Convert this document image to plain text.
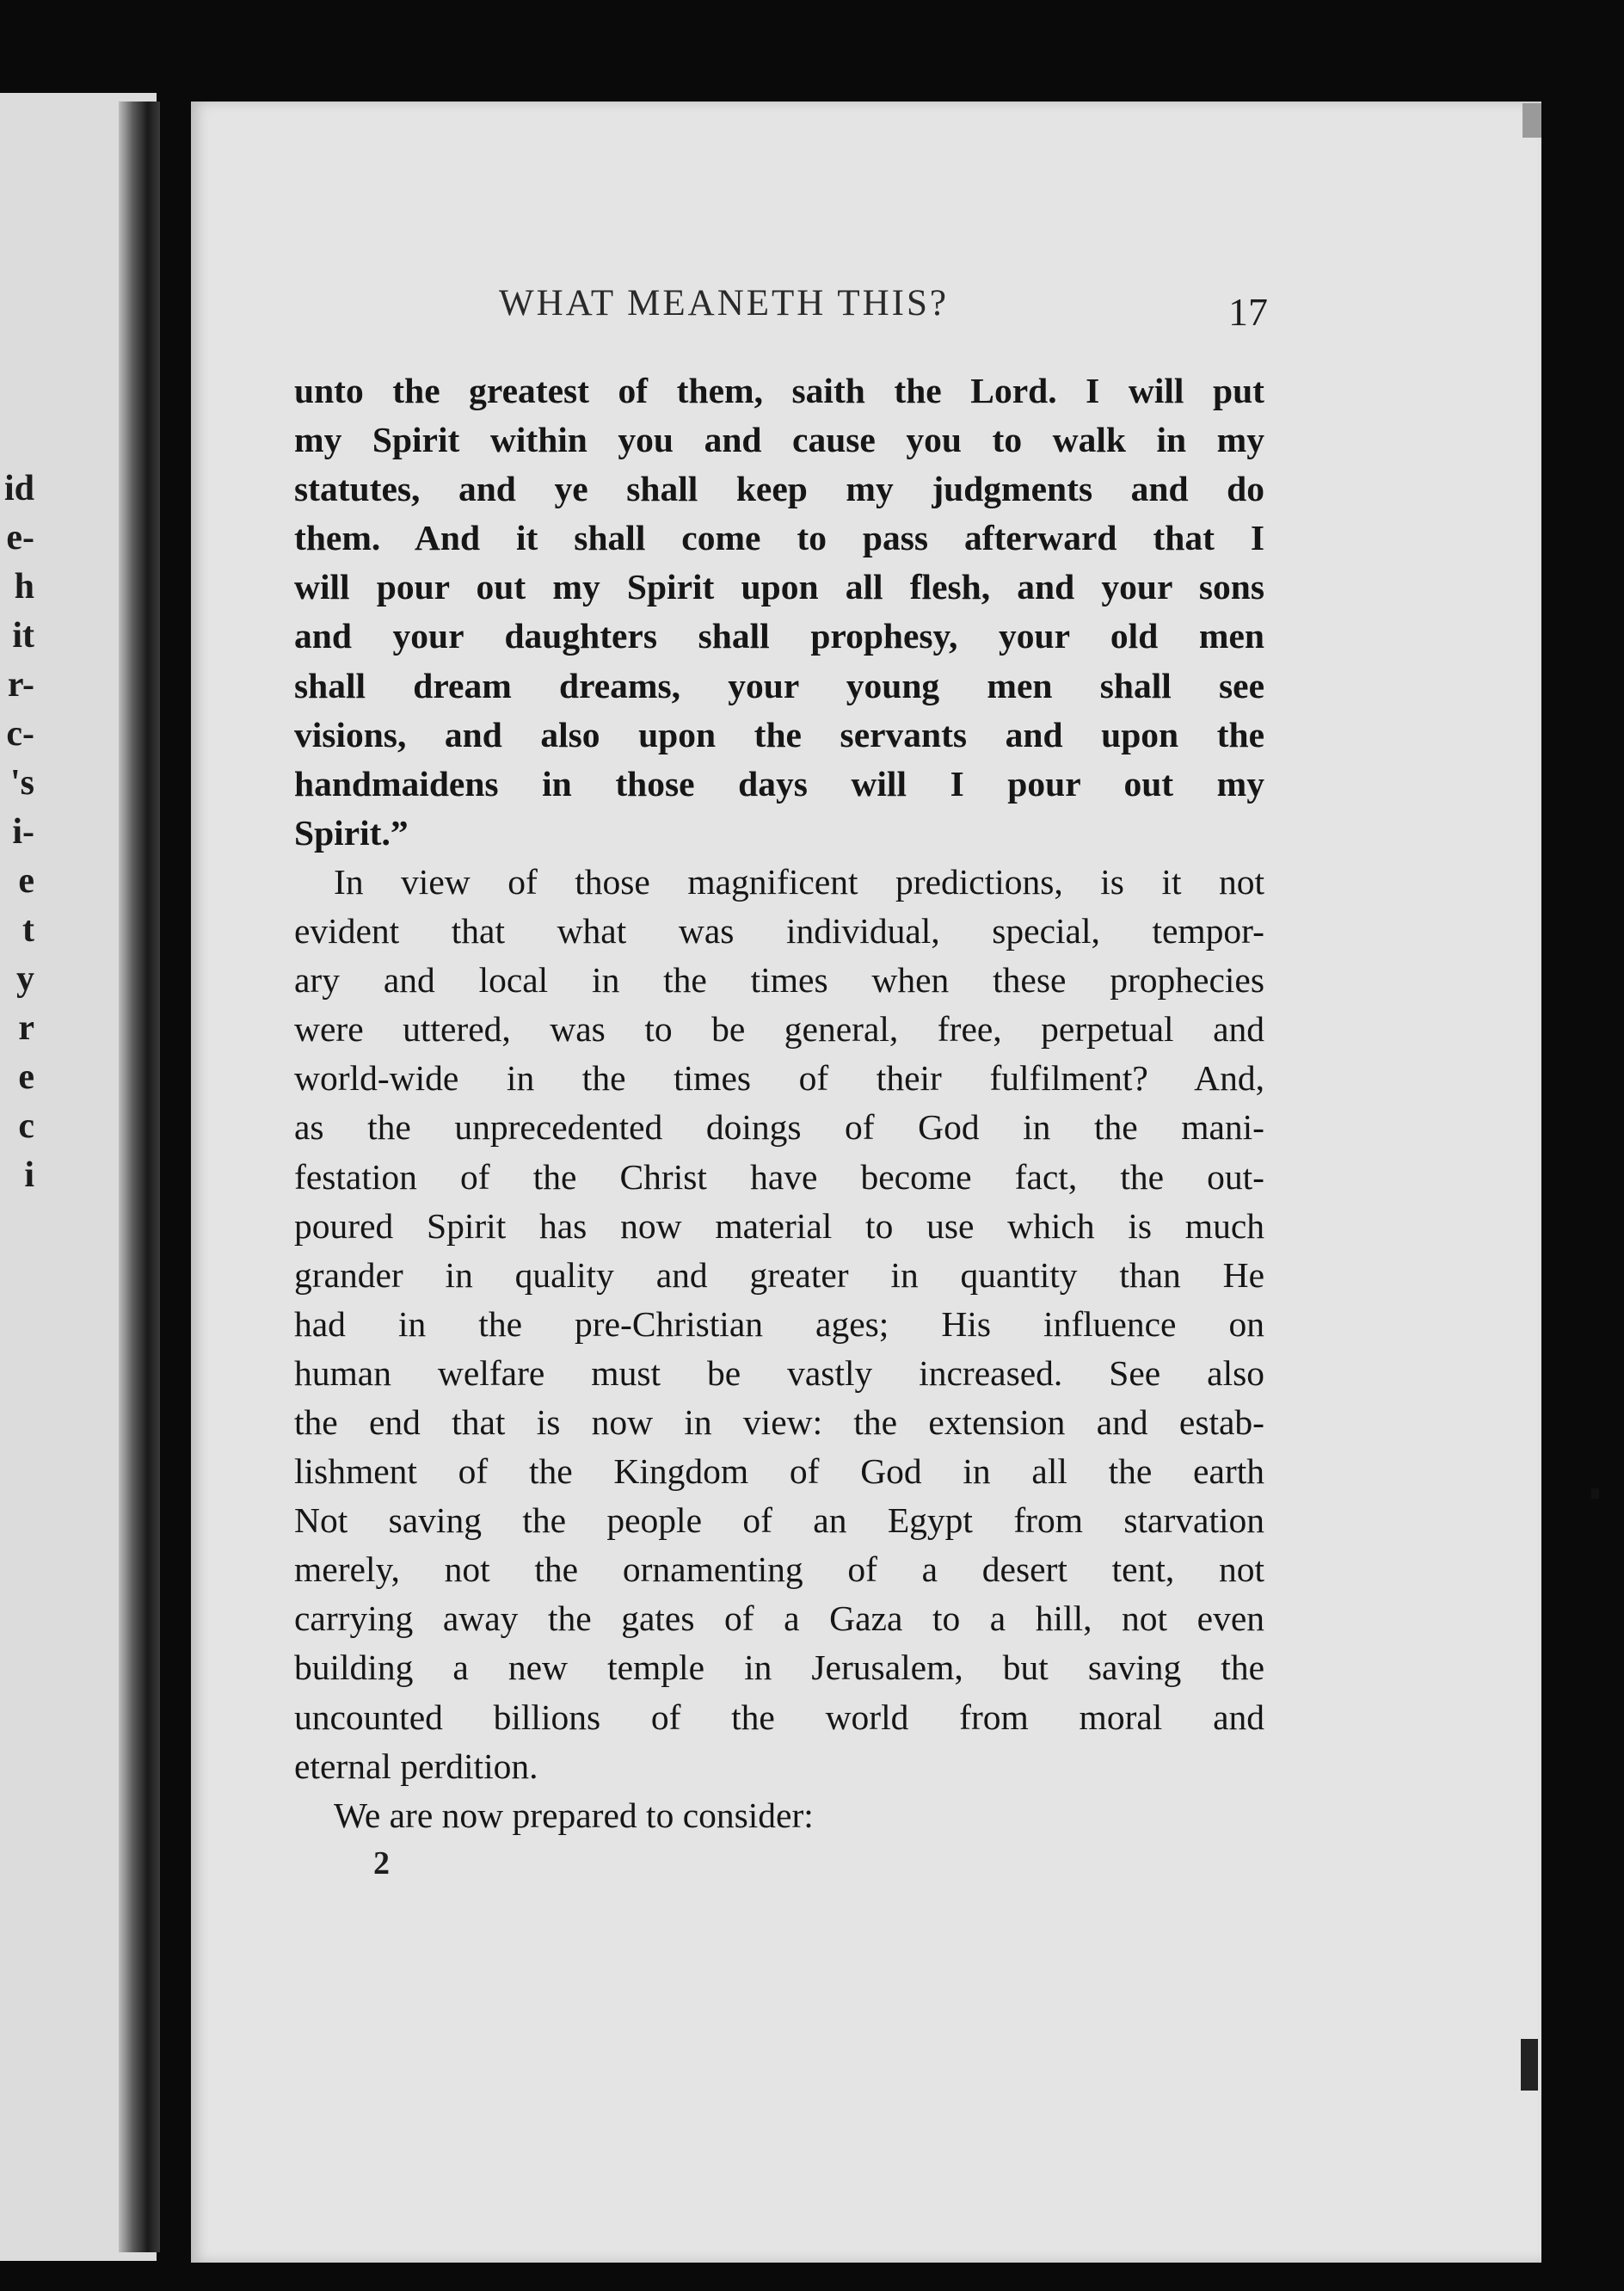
id
e-
h
it
r-
c-
's
i-
e
t
y
r
e
c
i
WHAT MEANETH THIS?	17
unto the greatest of them, saith the Lord. I will put
my Spirit within you and cause you to walk in my
statutes, and ye shall keep my judgments and do
them. And it shall come to pass afterward that I
will pour out my Spirit upon all flesh, and your sons
and your daughters shall prophesy, your old men
shall dream dreams, your young men shall see
visions, and also upon the servants and upon the
handmaidens in those days will I pour out my
Spirit.”
In view of those magnificent predictions, is it not
evident that what was individual, special, tempor-
ary and local in the times when these prophecies
were uttered, was to be general, free, perpetual and
world-wide in the times of their fulfilment? And,
as the unprecedented doings of God in the mani-
festation of the Christ have become fact, the out-
poured Spirit has now material to use which is much
grander in quality and greater in quantity than He
had in the pre-Christian ages; His influence on
human welfare must be vastly increased. See also
the end that is now in view: the extension and estab-
lishment of the Kingdom of God in all the earth
Not saving the people of an Egypt from starvation
merely, not the ornamenting of a desert tent, not
carrying away the gates of a Gaza to a hill, not even
building a new temple in Jerusalem, but saving the
uncounted billions of the world from moral and
eternal perdition.
We are now prepared to consider:
2
